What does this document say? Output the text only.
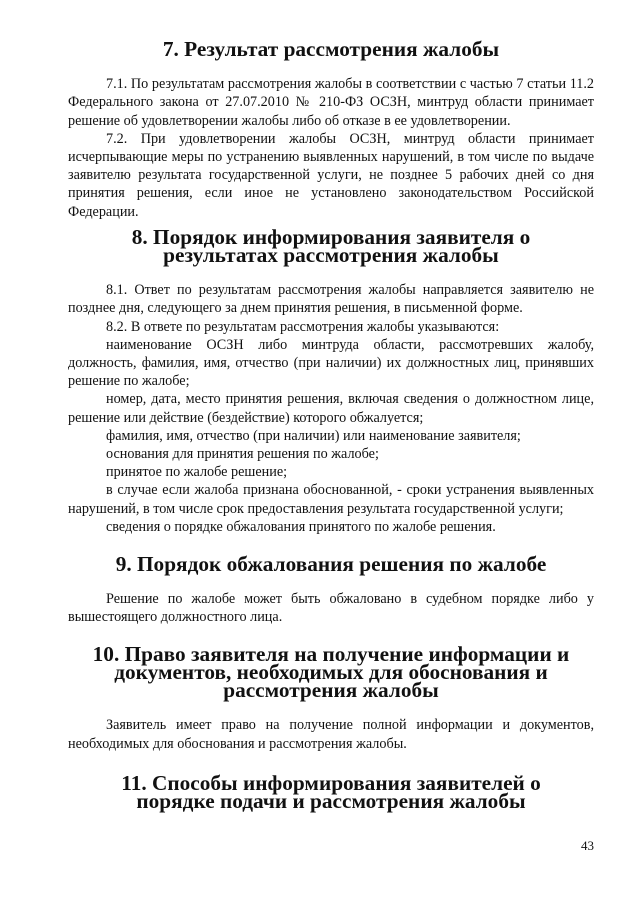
7. Результат рассмотрения жалобы

7.1. По результатам рассмотрения жалобы в соответствии с частью 7 статьи 11.2 Федерального закона от 27.07.2010 № 210-ФЗ ОСЗН, минтруд области принимает решение об удовлетворении жалобы либо об отказе в ее удовлетворении.

7.2. При удовлетворении жалобы ОСЗН, минтруд области принимает исчерпывающие меры по устранению выявленных нарушений, в том числе по выдаче заявителю результата государственной услуги, не позднее 5 рабочих дней со дня принятия решения, если иное не установлено законодательством Российской Федерации.

8. Порядок информирования заявителя о результатах рассмотрения жалобы

8.1. Ответ по результатам рассмотрения жалобы направляется заявителю не позднее дня, следующего за днем принятия решения, в письменной форме.

8.2. В ответе по результатам рассмотрения жалобы указываются:

наименование ОСЗН либо минтруда области, рассмотревших жалобу, должность, фамилия, имя, отчество (при наличии) их должностных лиц, принявших решение по жалобе;

номер, дата, место принятия решения, включая сведения о должностном лице, решение или действие (бездействие) которого обжалуется;

фамилия, имя, отчество (при наличии) или наименование заявителя;

основания для принятия решения по жалобе;

принятое по жалобе решение;

в случае если жалоба признана обоснованной, - сроки устранения выявленных нарушений, в том числе срок предоставления результата государственной услуги;

сведения о порядке обжалования принятого по жалобе решения.

9. Порядок обжалования решения по жалобе

Решение по жалобе может быть обжаловано в судебном порядке либо у вышестоящего должностного лица.

10. Право заявителя на получение информации и документов, необходимых для обоснования и рассмотрения жалобы

Заявитель имеет право на получение полной информации и документов, необходимых для обоснования и рассмотрения жалобы.

11. Способы информирования заявителей о порядке подачи и рассмотрения жалобы
43
